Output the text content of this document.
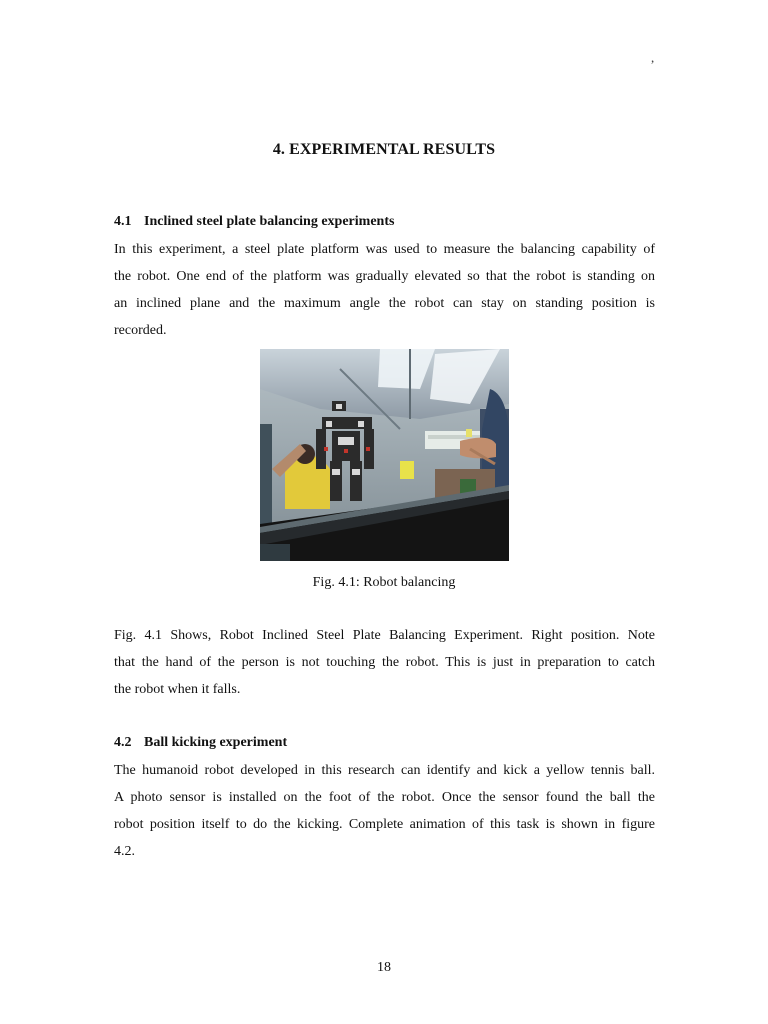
,
4. EXPERIMENTAL RESULTS
4.1 Inclined steel plate balancing experiments
In this experiment, a steel plate platform was used to measure the balancing capability of
the robot. One end of the platform was gradually elevated so that the robot is standing on
an inclined plane and the maximum angle the robot can stay on standing position is
recorded.
Fig. 4.1: Robot balancing
Fig. 4.1 Shows, Robot Inclined Steel Plate Balancing Experiment. Right position. Note
that the hand of the person is not touching the robot. This is just in preparation to catch
the robot when it falls.
4.2 Ball kicking experiment
The humanoid robot developed in this research can identify and kick a yellow tennis ball.
A photo sensor is installed on the foot of the robot. Once the sensor found the ball the
robot position itself to do the kicking. Complete animation of this task is shown in figure
4.2.
18
